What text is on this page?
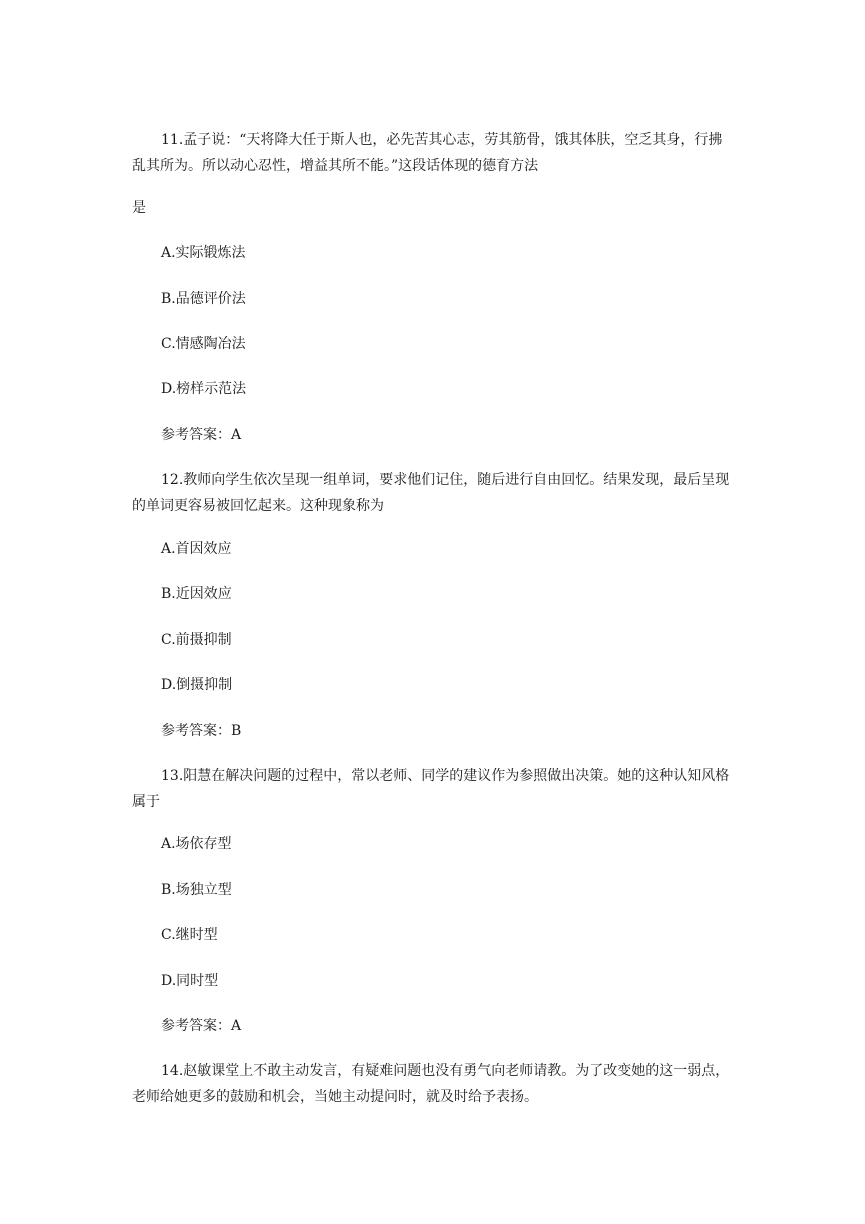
11.孟子说：“天将降大任于斯人也，必先苦其心志，劳其筋骨，饿其体肤，空乏其身，行拂乱其所为。所以动心忍性，增益其所不能。”这段话体现的德育方法
是
A.实际锻炼法
B.品德评价法
C.情感陶冶法
D.榜样示范法
参考答案：A
12.教师向学生依次呈现一组单词，要求他们记住，随后进行自由回忆。结果发现，最后呈现的单词更容易被回忆起来。这种现象称为
A.首因效应
B.近因效应
C.前摄抑制
D.倒摄抑制
参考答案：B
13.阳慧在解决问题的过程中，常以老师、同学的建议作为参照做出决策。她的这种认知风格属于
A.场依存型
B.场独立型
C.继时型
D.同时型
参考答案：A
14.赵敏课堂上不敢主动发言，有疑难问题也没有勇气向老师请教。为了改变她的这一弱点，老师给她更多的鼓励和机会，当她主动提问时，就及时给予表扬。
